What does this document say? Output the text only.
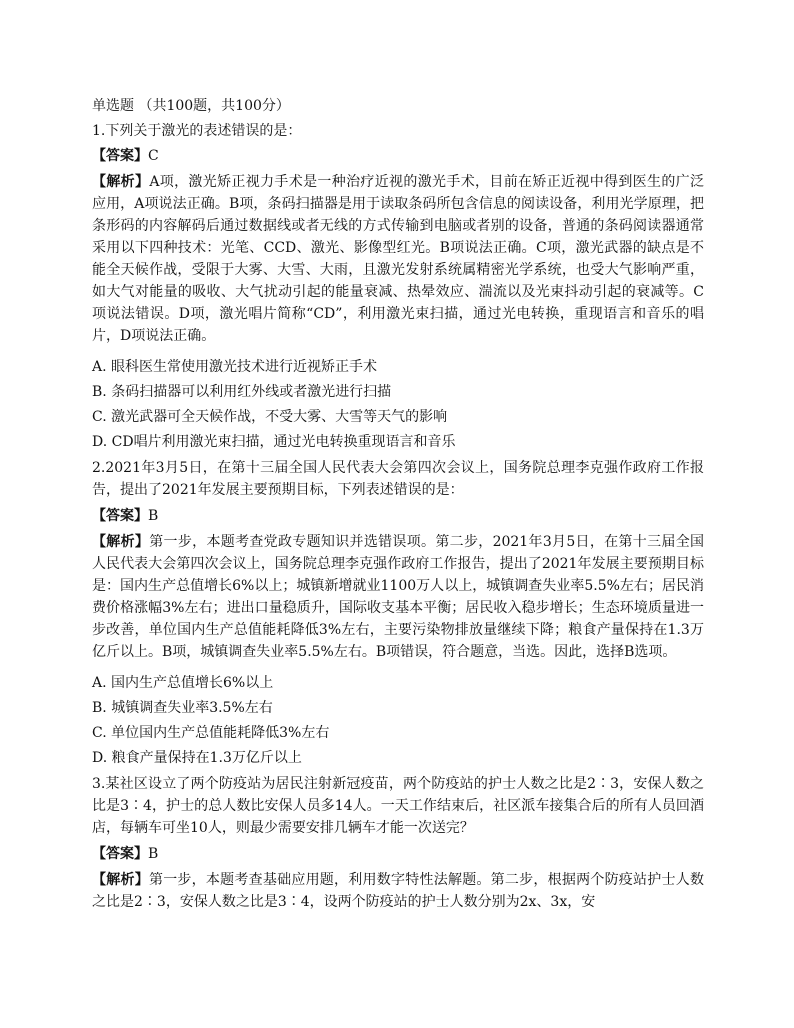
单选题 （共100题，共100分）

1.下列关于激光的表述错误的是：

【答案】C

【解析】A项，激光矫正视力手术是一种治疗近视的激光手术，目前在矫正近视中得到医生的广泛应用，A项说法正确。B项，条码扫描器是用于读取条码所包含信息的阅读设备，利用光学原理，把条形码的内容解码后通过数据线或者无线的方式传输到电脑或者别的设备，普通的条码阅读器通常采用以下四种技术：光笔、CCD、激光、影像型红光。B项说法正确。C项，激光武器的缺点是不能全天候作战，受限于大雾、大雪、大雨，且激光发射系统属精密光学系统，也受大气影响严重，如大气对能量的吸收、大气扰动引起的能量衰减、热晕效应、湍流以及光束抖动引起的衰减等。C项说法错误。D项，激光唱片简称“CD”，利用激光束扫描，通过光电转换，重现语言和音乐的唱片，D项说法正确。

A. 眼科医生常使用激光技术进行近视矫正手术

B. 条码扫描器可以利用红外线或者激光进行扫描

C. 激光武器可全天候作战，不受大雾、大雪等天气的影响

D. CD唱片利用激光束扫描，通过光电转换重现语言和音乐

2.2021年3月5日，在第十三届全国人民代表大会第四次会议上，国务院总理李克强作政府工作报告，提出了2021年发展主要预期目标，下列表述错误的是：

【答案】B

【解析】第一步，本题考查党政专题知识并选错误项。第二步，2021年3月5日，在第十三届全国人民代表大会第四次会议上，国务院总理李克强作政府工作报告，提出了2021年发展主要预期目标是：国内生产总值增长6%以上；城镇新增就业1100万人以上，城镇调查失业率5.5%左右；居民消费价格涨幅3%左右；进出口量稳质升，国际收支基本平衡；居民收入稳步增长；生态环境质量进一步改善，单位国内生产总值能耗降低3%左右，主要污染物排放量继续下降；粮食产量保持在1.3万亿斤以上。B项，城镇调查失业率5.5%左右。B项错误，符合题意，当选。因此，选择B选项。

A. 国内生产总值增长6%以上

B. 城镇调查失业率3.5%左右

C. 单位国内生产总值能耗降低3%左右

D. 粮食产量保持在1.3万亿斤以上

3.某社区设立了两个防疫站为居民注射新冠疫苗，两个防疫站的护士人数之比是2∶3，安保人数之比是3∶4，护士的总人数比安保人员多14人。一天工作结束后，社区派车接集合后的所有人员回酒店，每辆车可坐10人，则最少需要安排几辆车才能一次送完？

【答案】B

【解析】第一步，本题考查基础应用题，利用数字特性法解题。第二步，根据两个防疫站护士人数之比是2∶3，安保人数之比是3∶4，设两个防疫站的护士人数分别为2x、3x，安
